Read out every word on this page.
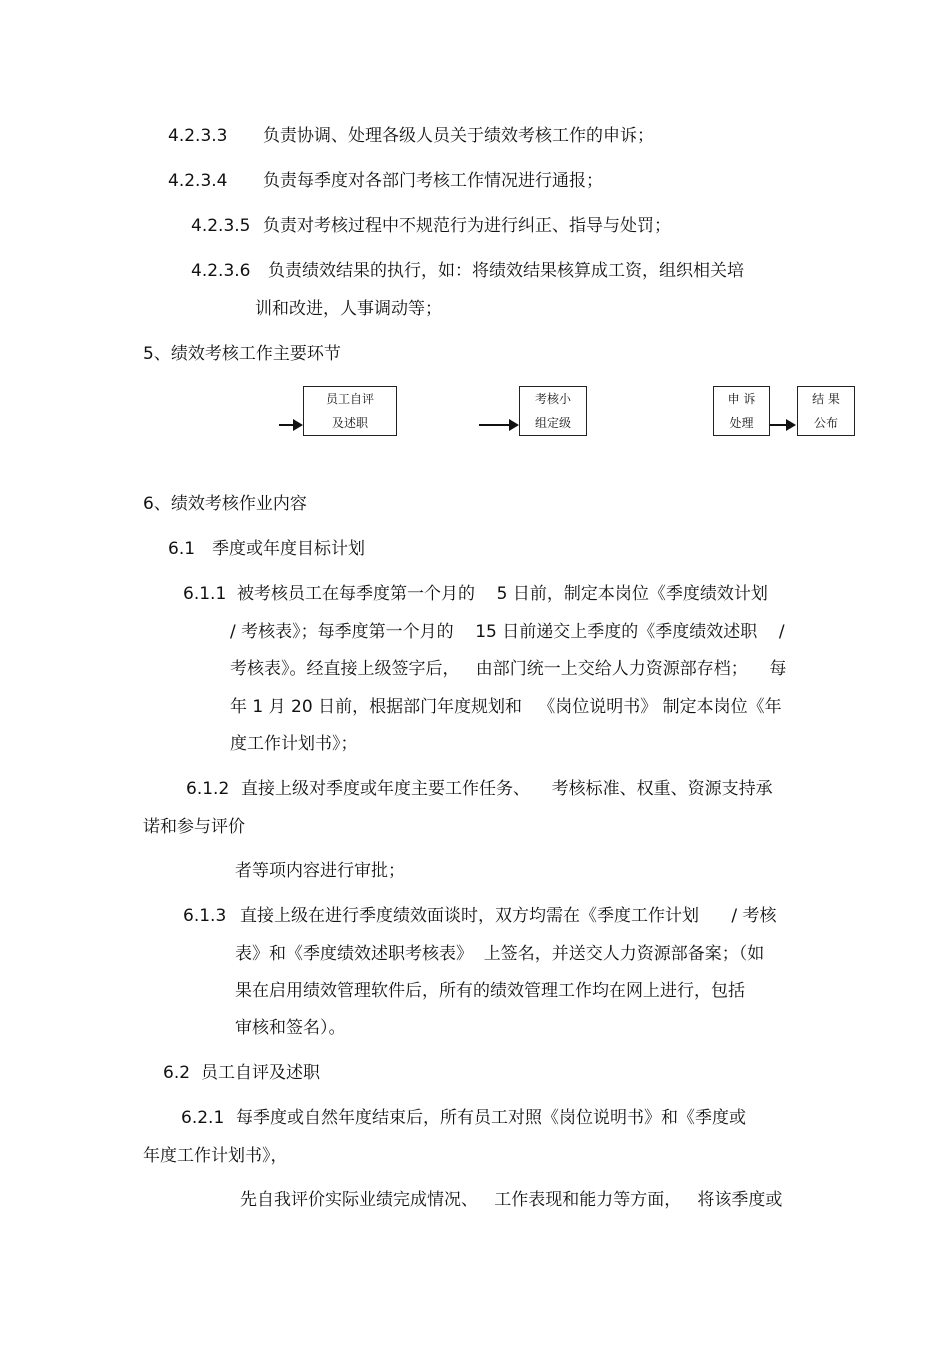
4.2.3.3 负责协调、处理各级人员关于绩效考核工作的申诉；
4.2.3.4 负责每季度对各部门考核工作情况进行通报；
4.2.3.5 负责对考核过程中不规范行为进行纠正、指导与处罚；
4.2.3.6 负责绩效结果的执行，如：将绩效结果核算成工资，组织相关培
训和改进，人事调动等；
5、绩效考核工作主要环节
员工自评
及述职
考核小
组定级
申 诉
处理
结 果
公布
6、绩效考核作业内容
6.1 季度或年度目标计划
6.1.1 被考核员工在每季度第一个月的    5 日前，制定本岗位《季度绩效计划
/ 考核表》；每季度第一个月的    15 日前递交上季度的《季度绩效述职    /
考核表》。经直接上级签字后，   由部门统一上交给人力资源部存档；    每
年 1 月 20 日前，根据部门年度规划和   《岗位说明书》 制定本岗位《年
度工作计划书》；
6.1.2 直接上级对季度或年度主要工作任务、    考核标准、权重、资源支持承
诺和参与评价
者等项内容进行审批；
6.1.3 直接上级在进行季度绩效面谈时，双方均需在《季度工作计划      / 考核
表》和《季度绩效述职考核表》  上签名，并送交人力资源部备案；（如
果在启用绩效管理软件后，所有的绩效管理工作均在网上进行，包括
审核和签名）。
6.2 员工自评及述职
6.2.1 每季度或自然年度结束后，所有员工对照《岗位说明书》和《季度或
年度工作计划书》，
先自我评价实际业绩完成情况、   工作表现和能力等方面，   将该季度或
